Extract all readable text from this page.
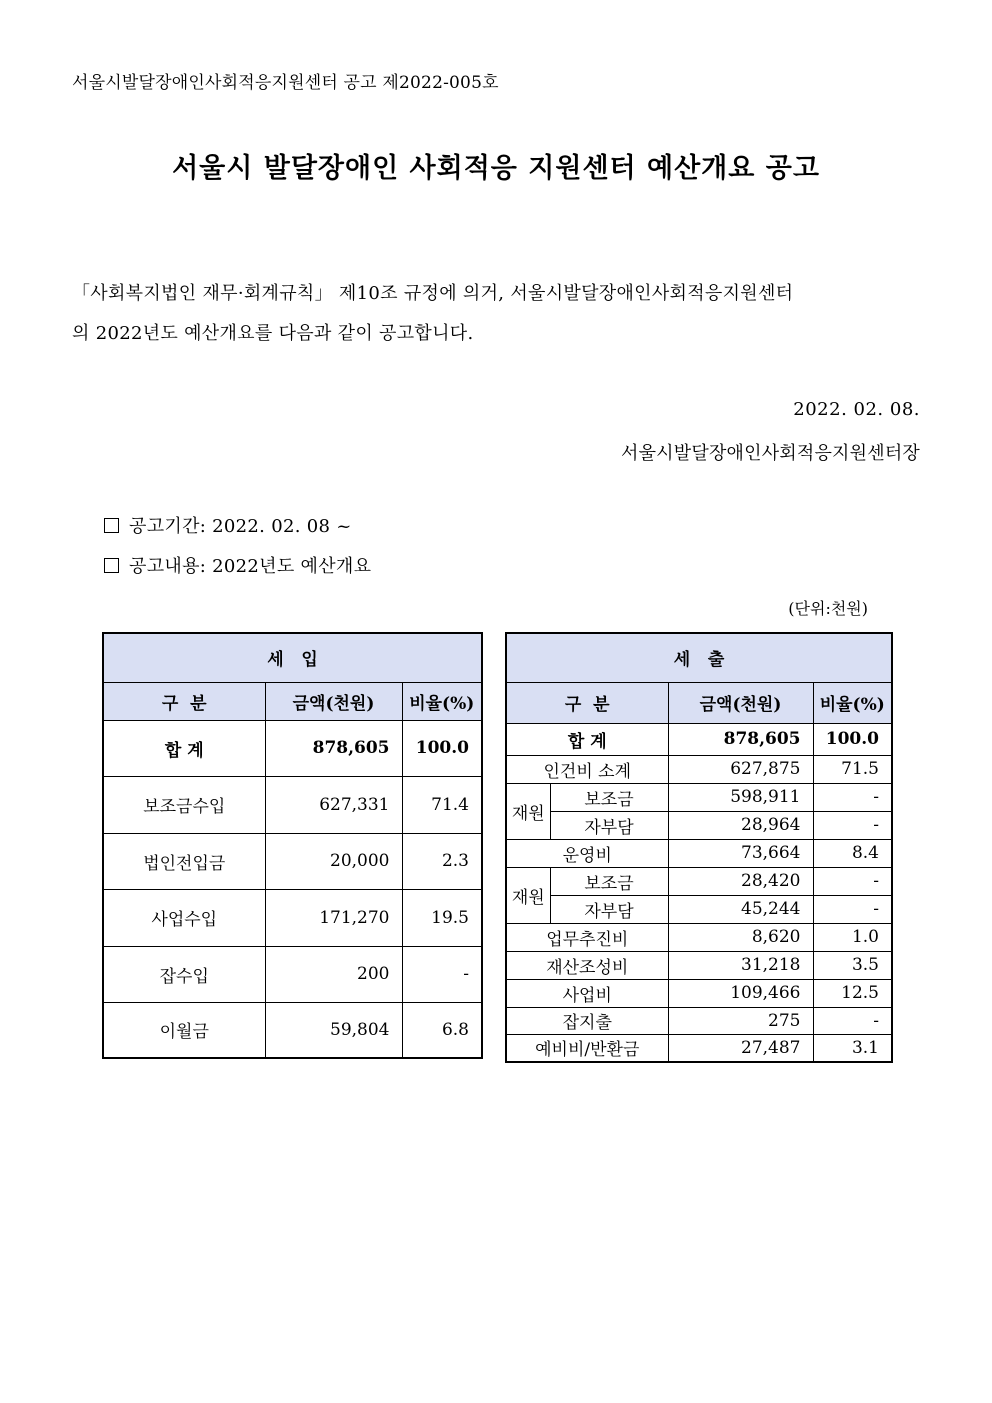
서울시발달장애인사회적응지원센터 공고 제2022-005호
서울시 발달장애인 사회적응 지원센터 예산개요 공고
「사회복지법인 재무·회계규칙」 제10조 규정에 의거, 서울시발달장애인사회적응지원센터
의 2022년도 예산개요를 다음과 같이 공고합니다.
2022. 02. 08.
서울시발달장애인사회적응지원센터장
공고기간: 2022. 02. 08 ~
공고내용: 2022년도 예산개요
(단위:천원)
세   입		
구  분	금액(천원)	비율(%)
합 계	878,605	100.0
보조금수입	627,331	71.4
법인전입금	20,000	2.3
사업수입	171,270	19.5
잡수입	200	-
이월금	59,804	6.8
세   출			
구  분		금액(천원)	비율(%)
합 계		878,605	100.0
인건비 소계		627,875	71.5
재원	보조금	598,911	-
	자부담	28,964	-
운영비		73,664	8.4
재원	보조금	28,420	-
	자부담	45,244	-
업무추진비		8,620	1.0
재산조성비		31,218	3.5
사업비		109,466	12.5
잡지출		275	-
예비비/반환금		27,487	3.1
